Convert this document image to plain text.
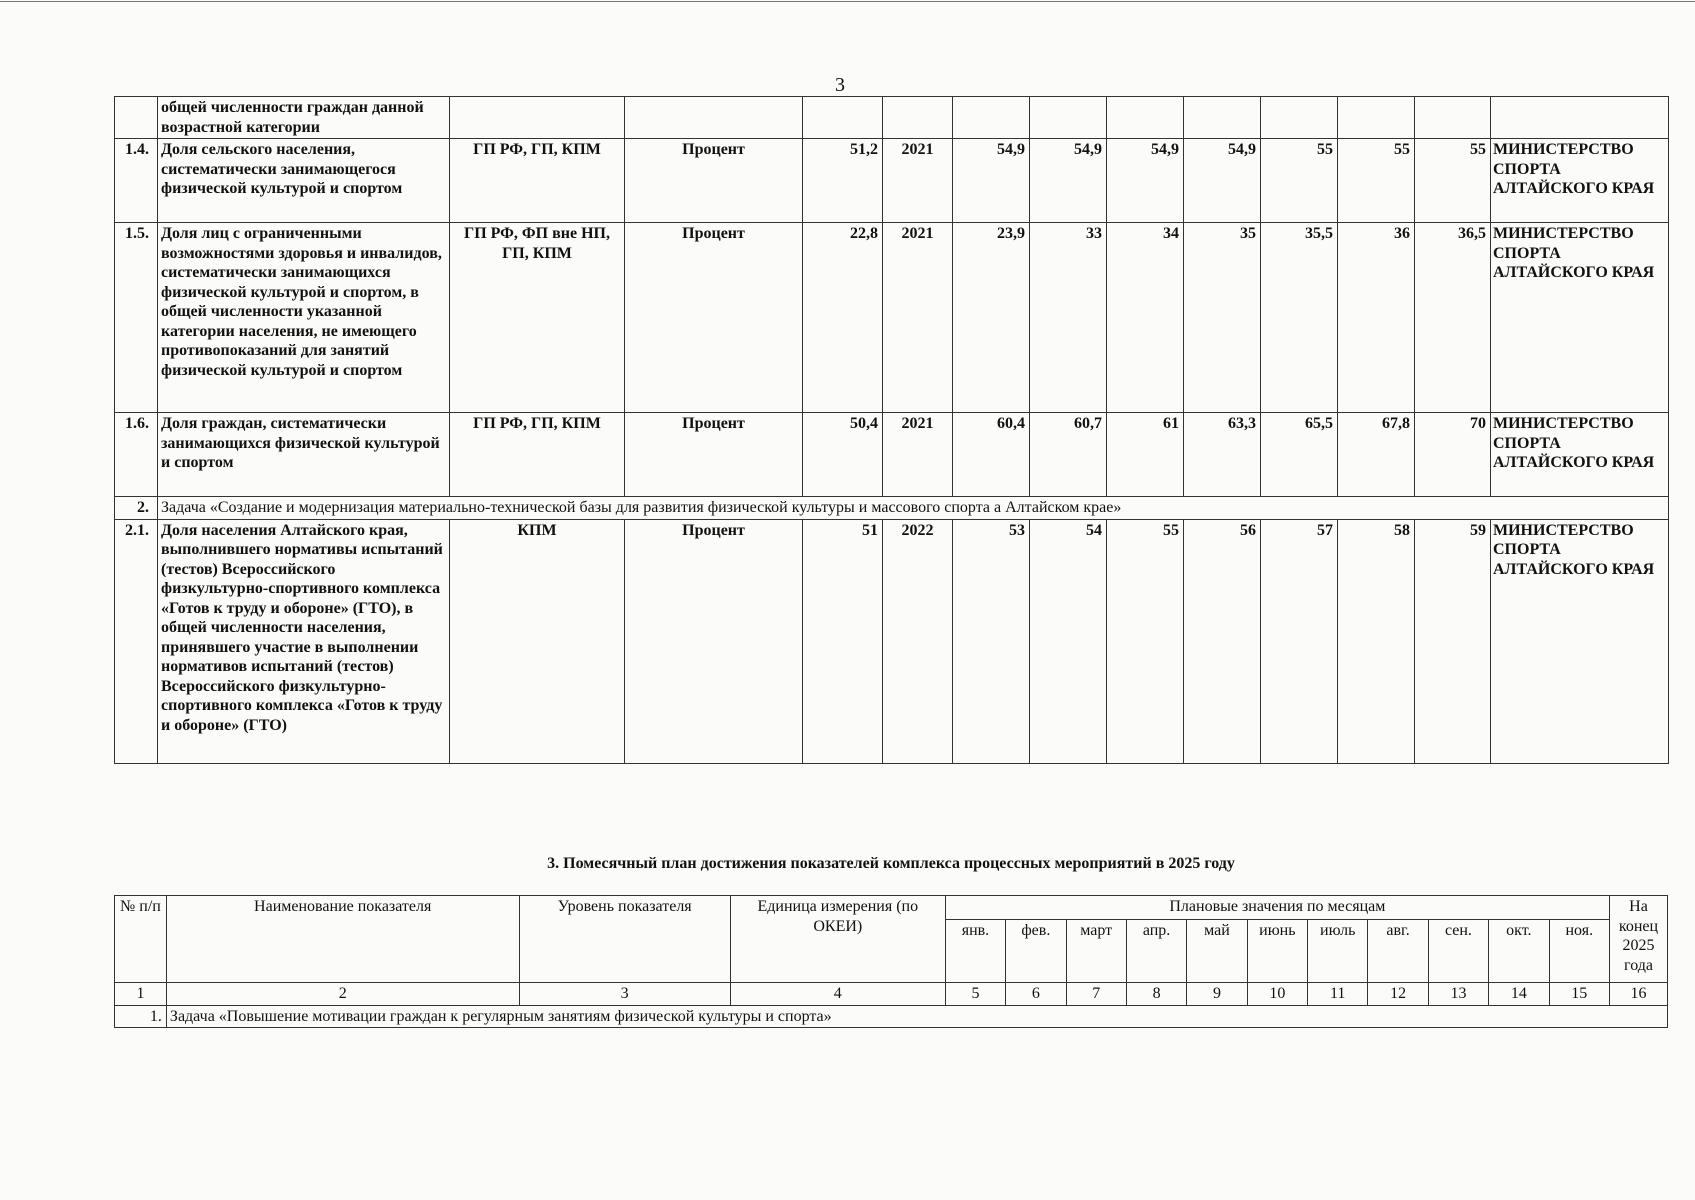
3
	общей численности граждан данной возрастной категории												
1.4.	Доля сельского населения, систематически занимающегося физической культурой и спортом	ГП РФ, ГП, КПМ	Процент	51,2	2021	54,9	54,9	54,9	54,9	55	55	55	МИНИСТЕРСТВО СПОРТА АЛТАЙСКОГО КРАЯ
1.5.	Доля лиц с ограниченными возможностями здоровья и инвалидов, систематически занимающихся физической культурой и спортом, в общей численности указанной категории населения, не имеющего противопоказаний для занятий физической культурой и спортом	ГП РФ, ФП вне НП, ГП, КПМ	Процент	22,8	2021	23,9	33	34	35	35,5	36	36,5	МИНИСТЕРСТВО СПОРТА АЛТАЙСКОГО КРАЯ
1.6.	Доля граждан, систематически занимающихся физической культурой и спортом	ГП РФ, ГП, КПМ	Процент	50,4	2021	60,4	60,7	61	63,3	65,5	67,8	70	МИНИСТЕРСТВО СПОРТА АЛТАЙСКОГО КРАЯ
2.	Задача «Создание и модернизация материально-технической базы для развития физической культуры и массового спорта а Алтайском крае»												
2.1.	Доля населения Алтайского края, выполнившего нормативы испытаний (тестов) Всероссийского физкультурно-спортивного комплекса «Готов к труду и обороне» (ГТО), в общей численности населения, принявшего участие в выполнении нормативов испытаний (тестов) Всероссийского физкультурно-спортивного комплекса «Готов к труду и обороне» (ГТО)	КПМ	Процент	51	2022	53	54	55	56	57	58	59	МИНИСТЕРСТВО СПОРТА АЛТАЙСКОГО КРАЯ
3. Помесячный план достижения показателей комплекса процессных мероприятий в 2025 году
№ п/п	Наименование показателя	Уровень показателя	Единица измерения (по ОКЕИ)	Плановые значения по месяцам											На конец 2025 года
				янв.	фев.	март	апр.	май	июнь	июль	авг.	сен.	окт.	ноя.	
1	2	3	4	5	6	7	8	9	10	11	12	13	14	15	16
1.	Задача «Повышение мотивации граждан к регулярным занятиям физической культуры и спорта»														
